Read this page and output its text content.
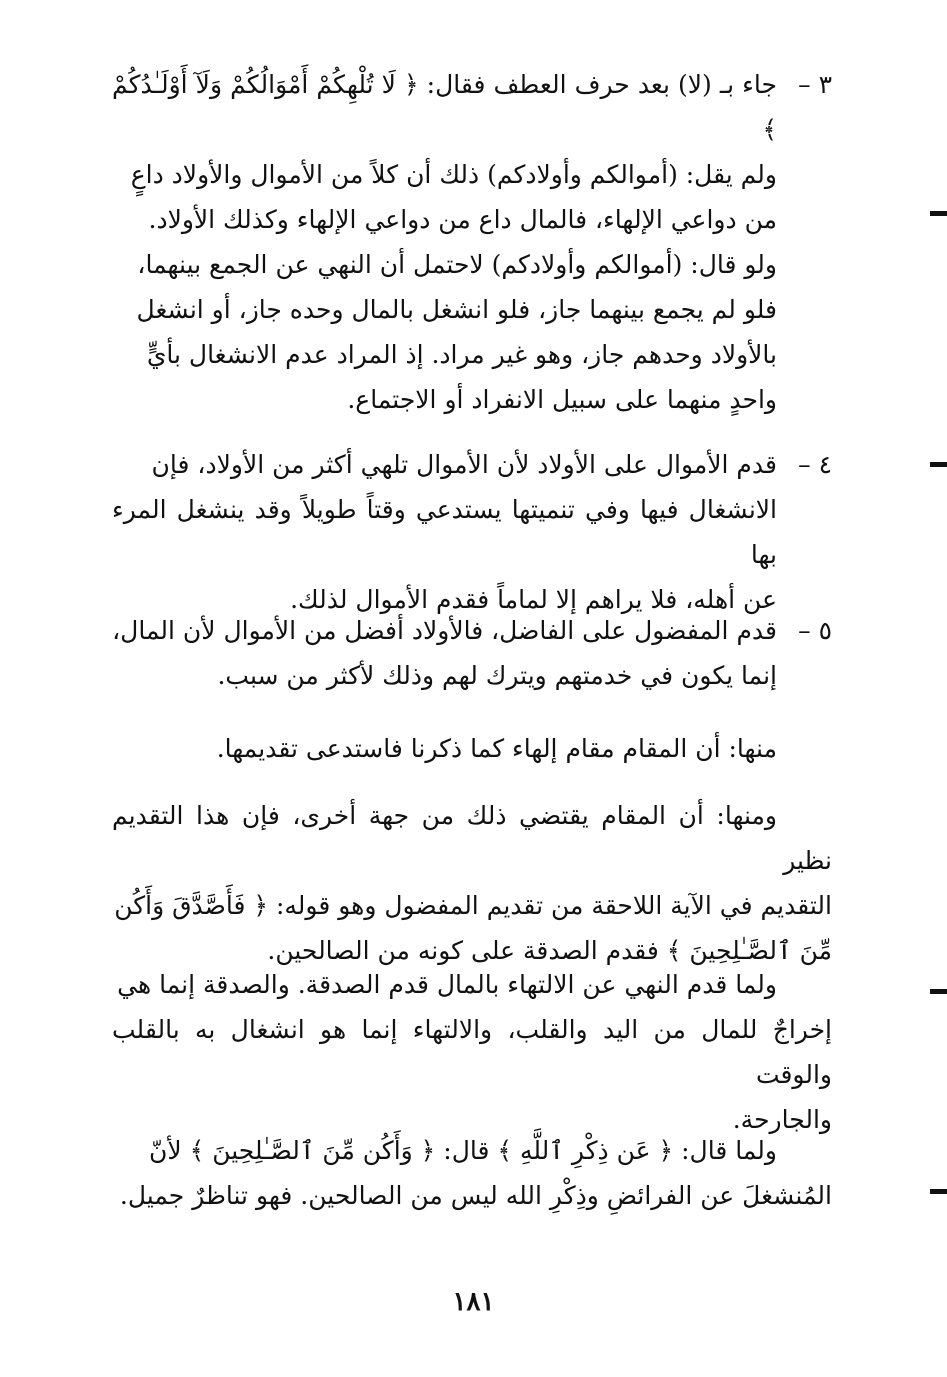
٣ –
جاء بـ (لا) بعد حرف العطف فقال: ﴿ لَا تُلْهِكُمْ أَمْوَالُكُمْ وَلَآ أَوْلَـٰدُكُمْ ﴾
ولم يقل: (أموالكم وأولادكم) ذلك أن كلاً من الأموال والأولاد داعٍ
من دواعي الإلهاء، فالمال داع من دواعي الإلهاء وكذلك الأولاد.
ولو قال: (أموالكم وأولادكم) لاحتمل أن النهي عن الجمع بينهما،
فلو لم يجمع بينهما جاز، فلو انشغل بالمال وحده جاز، أو انشغل
بالأولاد وحدهم جاز، وهو غير مراد. إذ المراد عدم الانشغال بأيٍّ
واحدٍ منهما على سبيل الانفراد أو الاجتماع.
٤ –
قدم الأموال على الأولاد لأن الأموال تلهي أكثر من الأولاد، فإن
الانشغال فيها وفي تنميتها يستدعي وقتاً طويلاً وقد ينشغل المرء بها
عن أهله، فلا يراهم إلا لماماً فقدم الأموال لذلك.
٥ –
قدم المفضول على الفاضل، فالأولاد أفضل من الأموال لأن المال،
إنما يكون في خدمتهم ويترك لهم وذلك لأكثر من سبب.
منها: أن المقام مقام إلهاء كما ذكرنا فاستدعى تقديمها.
ومنها: أن المقام يقتضي ذلك من جهة أخرى، فإن هذا التقديم نظير
التقديم في الآية اللاحقة من تقديم المفضول وهو قوله: ﴿ فَأَصَّدَّقَ وَأَكُن
مِّنَ ٱلصَّـٰلِحِينَ ﴾ فقدم الصدقة على كونه من الصالحين.
ولما قدم النهي عن الالتهاء بالمال قدم الصدقة. والصدقة إنما هي
إخراجٌ للمال من اليد والقلب، والالتهاء إنما هو انشغال به بالقلب والوقت
والجارحة.
ولما قال: ﴿ عَن ذِكْرِ ٱللَّهِ ﴾ قال: ﴿ وَأَكُن مِّنَ ٱلصَّـٰلِحِينَ ﴾ لأنّ
المُنشغلَ عن الفرائضِ وذِكْرِ الله ليس من الصالحين. فهو تناظرٌ جميل.
١٨١
